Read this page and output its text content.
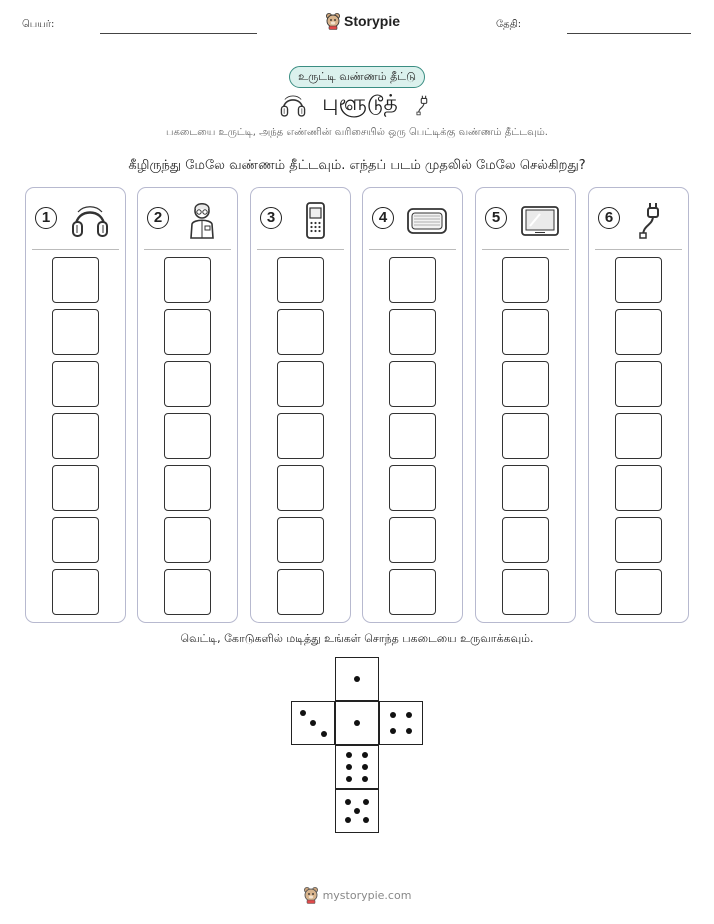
பெயர்:	Storypie	தேதி:
உருட்டி வண்ணம் தீட்டு
புளூடூத்
பகடையை உருட்டி, அந்த எண்ணின் வரிசையில் ஒரு பெட்டிக்கு வண்ணம் தீட்டவும்.
கீழிருந்து மேலே வண்ணம் தீட்டவும். எந்தப் படம் முதலில் மேலே செல்கிறது?
1	2	3	4	5	6
வெட்டி, கோடுகளில் மடித்து உங்கள் சொந்த பகடையை உருவாக்கவும்.
mystorypie.com
